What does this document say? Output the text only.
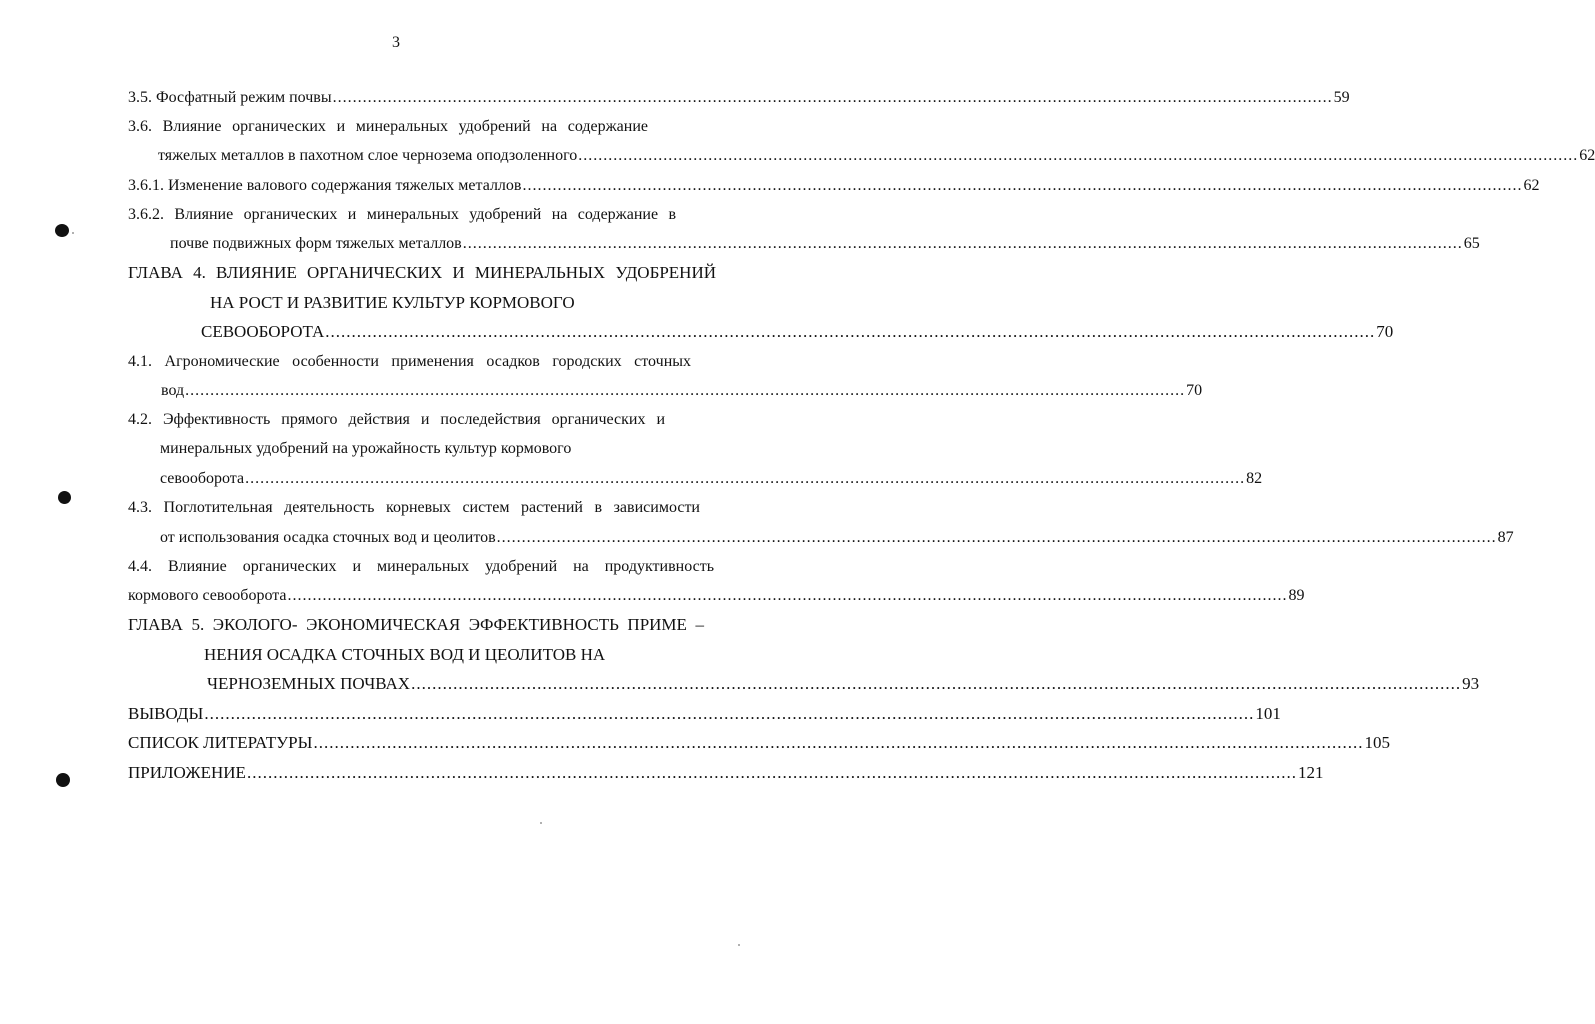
3
3.5. Фосфатный режим почвы ........................................................................................................................................................................................................ 59
3.6. Влияние органических и минеральных удобрений на содержание
тяжелых металлов в пахотном слое чернозема оподзоленного ........................................................................................................................................................................................................ 62
3.6.1. Изменение валового содержания тяжелых металлов ........................................................................................................................................................................................................ 62
3.6.2. Влияние органических и минеральных удобрений на содержание в
почве подвижных форм тяжелых металлов ........................................................................................................................................................................................................ 65
ГЛАВА 4. ВЛИЯНИЕ ОРГАНИЧЕСКИХ И МИНЕРАЛЬНЫХ УДОБРЕНИЙ
НА РОСТ И РАЗВИТИЕ КУЛЬТУР КОРМОВОГО
СЕВООБОРОТА ........................................................................................................................................................................................................ 70
4.1. Агрономические особенности применения осадков городских сточных
вод ........................................................................................................................................................................................................ 70
4.2. Эффективность прямого действия и последействия органических и
минеральных удобрений на урожайность культур кормового
севооборота ........................................................................................................................................................................................................ 82
4.3. Поглотительная деятельность корневых систем растений в зависимости
от использования осадка сточных вод и цеолитов ........................................................................................................................................................................................................ 87
4.4. Влияние органических и минеральных удобрений на продуктивность
кормового севооборота ........................................................................................................................................................................................................ 89
ГЛАВА 5. ЭКОЛОГО- ЭКОНОМИЧЕСКАЯ ЭФФЕКТИВНОСТЬ ПРИМЕ –
НЕНИЯ ОСАДКА СТОЧНЫХ ВОД И ЦЕОЛИТОВ НА
ЧЕРНОЗЕМНЫХ ПОЧВАХ ........................................................................................................................................................................................................ 93
ВЫВОДЫ ........................................................................................................................................................................................................ 101
СПИСОК ЛИТЕРАТУРЫ ........................................................................................................................................................................................................ 105
ПРИЛОЖЕНИЕ ........................................................................................................................................................................................................ 121
